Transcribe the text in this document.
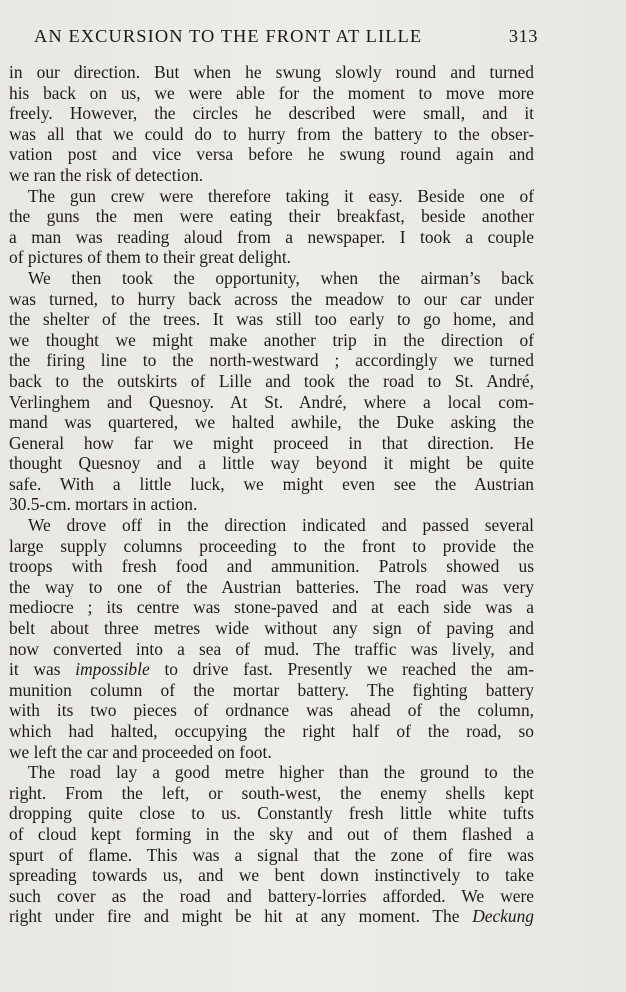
AN EXCURSION TO THE FRONT AT LILLE	313
in our direction. But when he swung slowly round and turned
his back on us, we were able for the moment to move more
freely. However, the circles he described were small, and it
was all that we could do to hurry from the battery to the obser-
vation post and vice versa before he swung round again and
we ran the risk of detection.
The gun crew were therefore taking it easy. Beside one of
the guns the men were eating their breakfast, beside another
a man was reading aloud from a newspaper. I took a couple
of pictures of them to their great delight.
We then took the opportunity, when the airman’s back
was turned, to hurry back across the meadow to our car under
the shelter of the trees. It was still too early to go home, and
we thought we might make another trip in the direction of
the firing line to the north-westward ; accordingly we turned
back to the outskirts of Lille and took the road to St. André,
Verlinghem and Quesnoy. At St. André, where a local com-
mand was quartered, we halted awhile, the Duke asking the
General how far we might proceed in that direction. He
thought Quesnoy and a little way beyond it might be quite
safe. With a little luck, we might even see the Austrian
30.5-cm. mortars in action.
We drove off in the direction indicated and passed several
large supply columns proceeding to the front to provide the
troops with fresh food and ammunition. Patrols showed us
the way to one of the Austrian batteries. The road was very
mediocre ; its centre was stone-paved and at each side was a
belt about three metres wide without any sign of paving and
now converted into a sea of mud. The traffic was lively, and
it was impossible to drive fast. Presently we reached the am-
munition column of the mortar battery. The fighting battery
with its two pieces of ordnance was ahead of the column,
which had halted, occupying the right half of the road, so
we left the car and proceeded on foot.
The road lay a good metre higher than the ground to the
right. From the left, or south-west, the enemy shells kept
dropping quite close to us. Constantly fresh little white tufts
of cloud kept forming in the sky and out of them flashed a
spurt of flame. This was a signal that the zone of fire was
spreading towards us, and we bent down instinctively to take
such cover as the road and battery-lorries afforded. We were
right under fire and might be hit at any moment. The Deckung
